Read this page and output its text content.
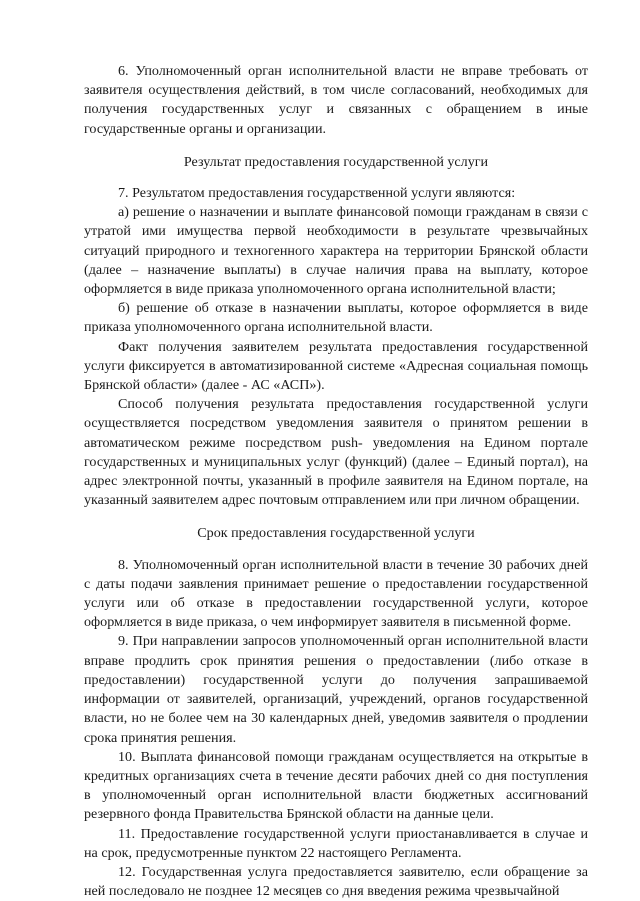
6. Уполномоченный орган исполнительной власти не вправе требовать от заявителя осуществления действий, в том числе согласований, необходимых для получения государственных услуг и связанных с обращением в иные государственные органы и организации.

Результат предоставления государственной услуги

7. Результатом предоставления государственной услуги являются:

а) решение о назначении и выплате финансовой помощи гражданам в связи с утратой ими имущества первой необходимости в результате чрезвычайных ситуаций природного и техногенного характера на территории Брянской области (далее – назначение выплаты) в случае наличия права на выплату, которое оформляется в виде приказа уполномоченного органа исполнительной власти;

б) решение об отказе в назначении выплаты, которое оформляется в виде приказа уполномоченного органа исполнительной власти.

Факт получения заявителем результата предоставления государственной услуги фиксируется в автоматизированной системе «Адресная социальная помощь Брянской области» (далее - АС «АСП»).

Способ получения результата предоставления государственной услуги осуществляется посредством уведомления заявителя о принятом решении в автоматическом режиме посредством push- уведомления на Едином портале государственных и муниципальных услуг (функций) (далее – Единый портал), на адрес электронной почты, указанный в профиле заявителя на Едином портале, на указанный заявителем адрес почтовым отправлением или при личном обращении.

Срок предоставления государственной услуги

8. Уполномоченный орган исполнительной власти в течение 30 рабочих дней с даты подачи заявления принимает решение о предоставлении государственной услуги или об отказе в предоставлении государственной услуги, которое оформляется в виде приказа, о чем информирует заявителя в письменной форме.

9. При направлении запросов уполномоченный орган исполнительной власти вправе продлить срок принятия решения о предоставлении (либо отказе в предоставлении) государственной услуги до получения запрашиваемой информации от заявителей, организаций, учреждений, органов государственной власти, но не более чем на 30 календарных дней, уведомив заявителя о продлении срока принятия решения.

10. Выплата финансовой помощи гражданам осуществляется на открытые в кредитных организациях счета в течение десяти рабочих дней со дня поступления в уполномоченный орган исполнительной власти бюджетных ассигнований резервного фонда Правительства Брянской области на данные цели.

11. Предоставление государственной услуги приостанавливается в случае и на срок, предусмотренные пунктом 22 настоящего Регламента.

12. Государственная услуга предоставляется заявителю, если обращение за ней последовало не позднее 12 месяцев со дня введения режима чрезвычайной
